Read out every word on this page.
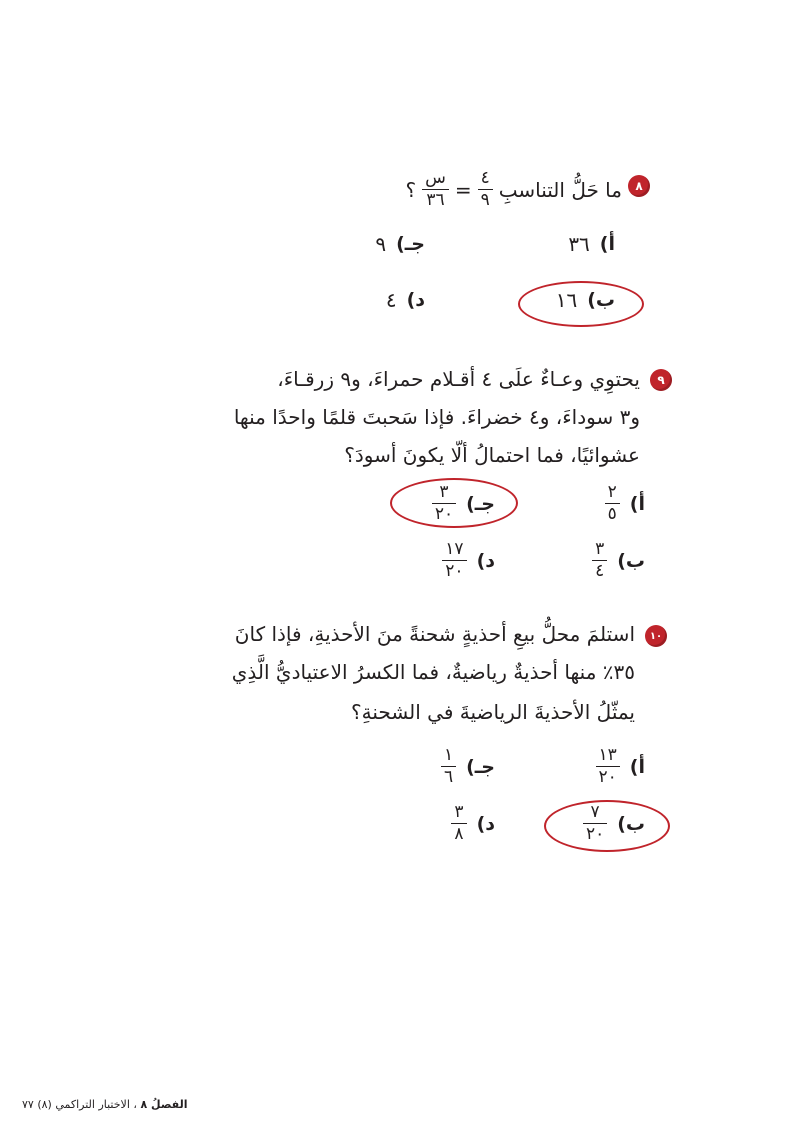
٨
ما حَلُّ التناسبِ
$\frac{٤}{٩}$
=
$\frac{\text{س}}{٣٦}$
؟
أ)
٣٦
جـ)
٩
ب)
١٦
د)
٤
٩
يحتوِي وعـاءٌ علَى ٤ أقـلام حمراءَ، و٩ زرقـاءَ،
و٣ سوداءَ، و٤ خضراءَ. فإذا سَحبتَ قلمًا واحدًا منها
عشوائيًا، فما احتمالُ ألّا يكونَ أسودَ؟
أ)
$\frac{٢}{٥}$
جـ)
$\frac{٣}{٢٠}$
ب)
$\frac{٣}{٤}$
د)
$\frac{١٧}{٢٠}$
١٠
استلمَ محلُّ بيعِ أحذيةٍ شحنةً منَ الأحذيةِ، فإذا كانَ
٣٥٪ منها أحذيةٌ رياضيةٌ، فما الكسرُ الاعتياديُّ الَّذِي
يمثّلُ الأحذيةَ الرياضيةَ في الشحنةِ؟
أ)
$\frac{١٣}{٢٠}$
جـ)
$\frac{١}{٦}$
ب)
$\frac{٧}{٢٠}$
د)
$\frac{٣}{٨}$
الفصلُ ٨ ، الاختبار التراكمي (٨) ٧٧
